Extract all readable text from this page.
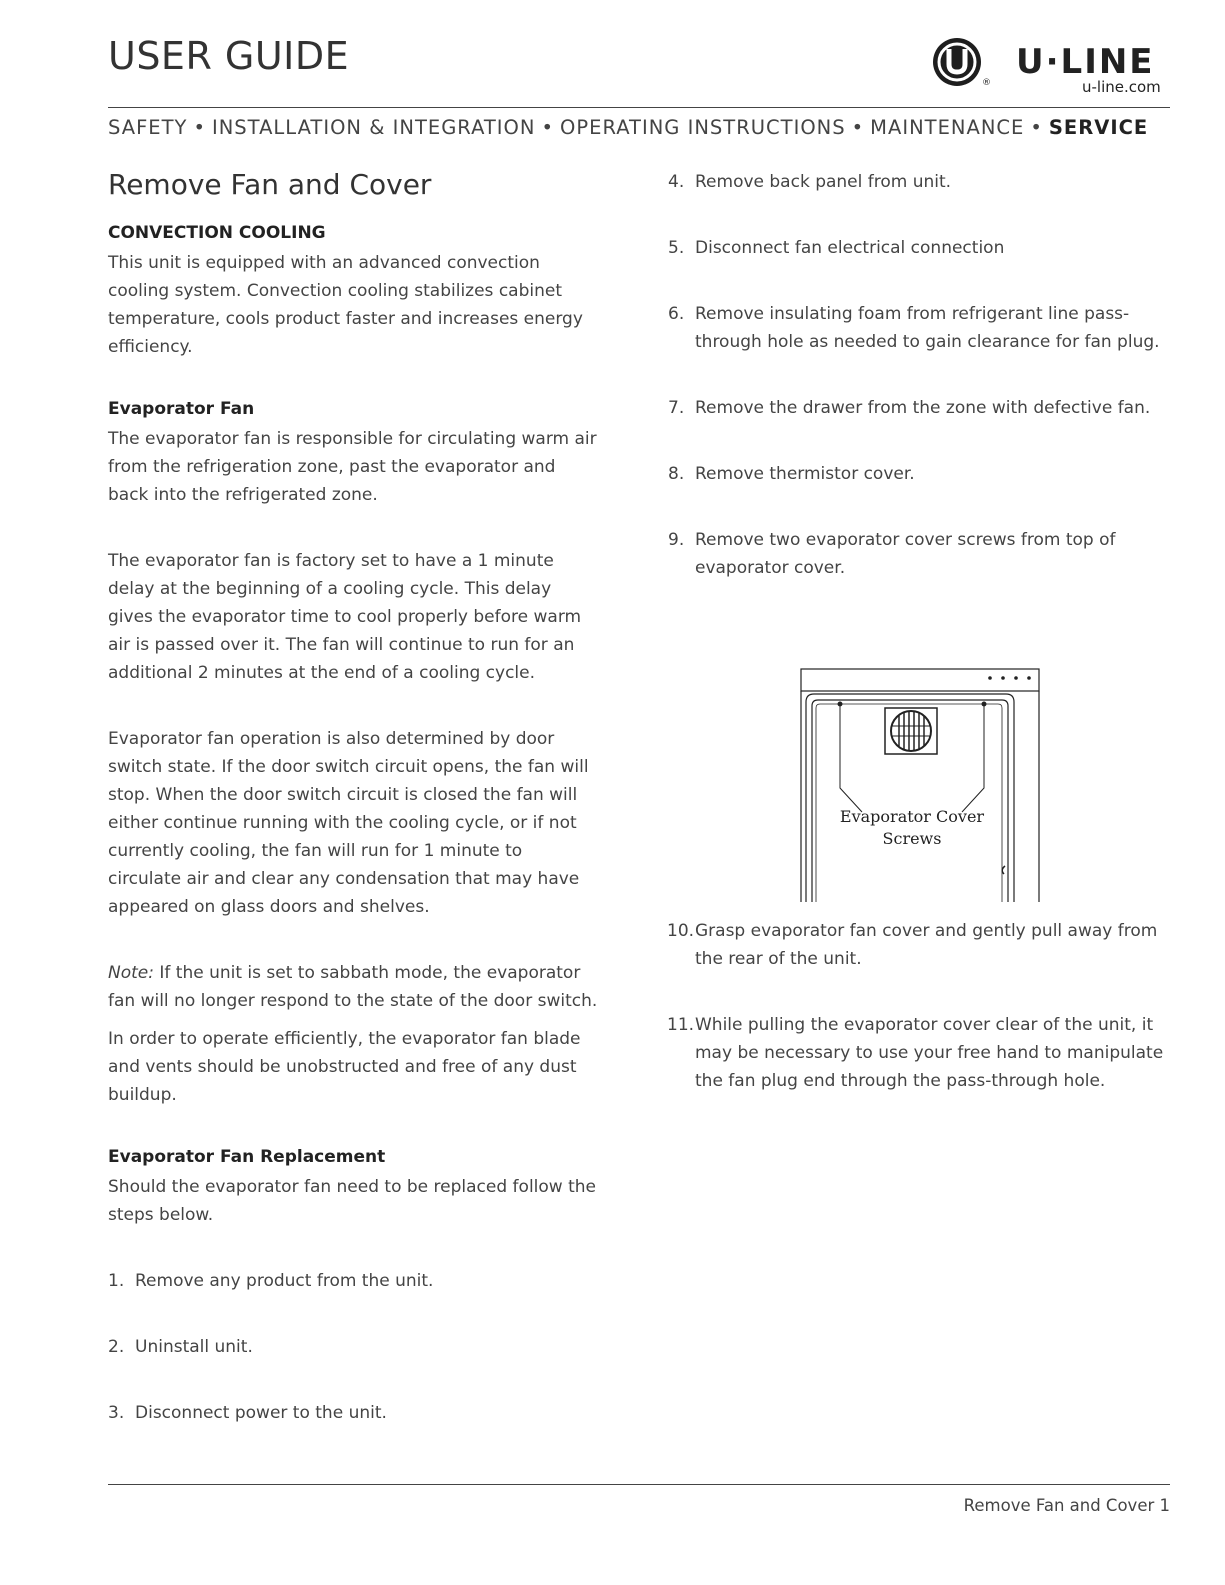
USER GUIDE
®
U·LINE
u-line.com
SAFETY • INSTALLATION & INTEGRATION • OPERATING INSTRUCTIONS • MAINTENANCE • SERVICE
Remove Fan and Cover
CONVECTION COOLING

This unit is equipped with an advanced convection cooling system. Convection cooling stabilizes cabinet temperature, cools product faster and increases energy efficiency.

Evaporator Fan

The evaporator fan is responsible for circulating warm air from the refrigeration zone, past the evaporator and back into the refrigerated zone.

The evaporator fan is factory set to have a 1 minute delay at the beginning of a cooling cycle. This delay gives the evaporator time to cool properly before warm air is passed over it. The fan will continue to run for an additional 2 minutes at the end of a cooling cycle.

Evaporator fan operation is also determined by door switch state. If the door switch circuit opens, the fan will stop. When the door switch circuit is closed the fan will either continue running with the cooling cycle, or if not currently cooling, the fan will run for 1 minute to circulate air and clear any condensation that may have appeared on glass doors and shelves.

Note: If the unit is set to sabbath mode, the evaporator fan will no longer respond to the state of the door switch.

In order to operate efficiently, the evaporator fan blade and vents should be unobstructed and free of any dust buildup.

Evaporator Fan Replacement

Should the evaporator fan need to be replaced follow the steps below.

1. Remove any product from the unit.
2. Uninstall unit.
3. Disconnect power to the unit.
4. Remove back panel from unit.
5. Disconnect fan electrical connection
6. Remove insulating foam from refrigerant line pass-through hole as needed to gain clearance for fan plug.
7. Remove the drawer from the zone with defective fan.
8. Remove thermistor cover.
9. Remove two evaporator cover screws from top of evaporator cover.
Evaporator Cover
Screws
10. Grasp evaporator fan cover and gently pull away from the rear of the unit.
11. While pulling the evaporator cover clear of the unit, it may be necessary to use your free hand to manipulate the fan plug end through the pass-through hole.
Remove Fan and Cover 1
